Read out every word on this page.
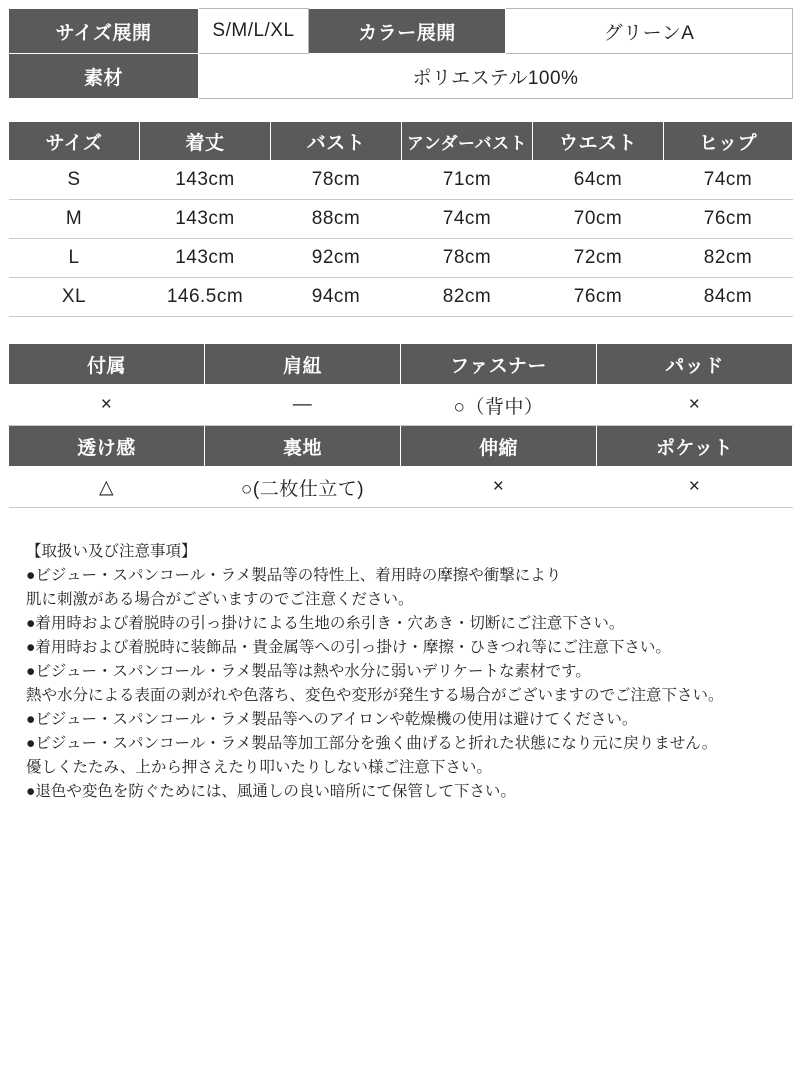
サイズ展開	S/M/L/XL	カラー展開	グリーンA
素材	ポリエステル100%		
サイズ	着丈	バスト	アンダーバスト	ウエスト	ヒップ
S	143cm	78cm	71cm	64cm	74cm
M	143cm	88cm	74cm	70cm	76cm
L	143cm	92cm	78cm	72cm	82cm
XL	146.5cm	94cm	82cm	76cm	84cm
付属	肩紐	ファスナー	パッド
×	―	○（背中）	×
透け感	裏地	伸縮	ポケット
△	○(二枚仕立て)	×	×
【取扱い及び注意事項】
●ビジュー・スパンコール・ラメ製品等の特性上、着用時の摩擦や衝撃により
肌に刺激がある場合がございますのでご注意ください。
●着用時および着脱時の引っ掛けによる生地の糸引き・穴あき・切断にご注意下さい。
●着用時および着脱時に装飾品・貴金属等への引っ掛け・摩擦・ひきつれ等にご注意下さい。
●ビジュー・スパンコール・ラメ製品等は熱や水分に弱いデリケートな素材です。
熱や水分による表面の剥がれや色落ち、変色や変形が発生する場合がございますのでご注意下さい。
●ビジュー・スパンコール・ラメ製品等へのアイロンや乾燥機の使用は避けてください。
●ビジュー・スパンコール・ラメ製品等加工部分を強く曲げると折れた状態になり元に戻りません。
優しくたたみ、上から押さえたり叩いたりしない様ご注意下さい。
●退色や変色を防ぐためには、風通しの良い暗所にて保管して下さい。
